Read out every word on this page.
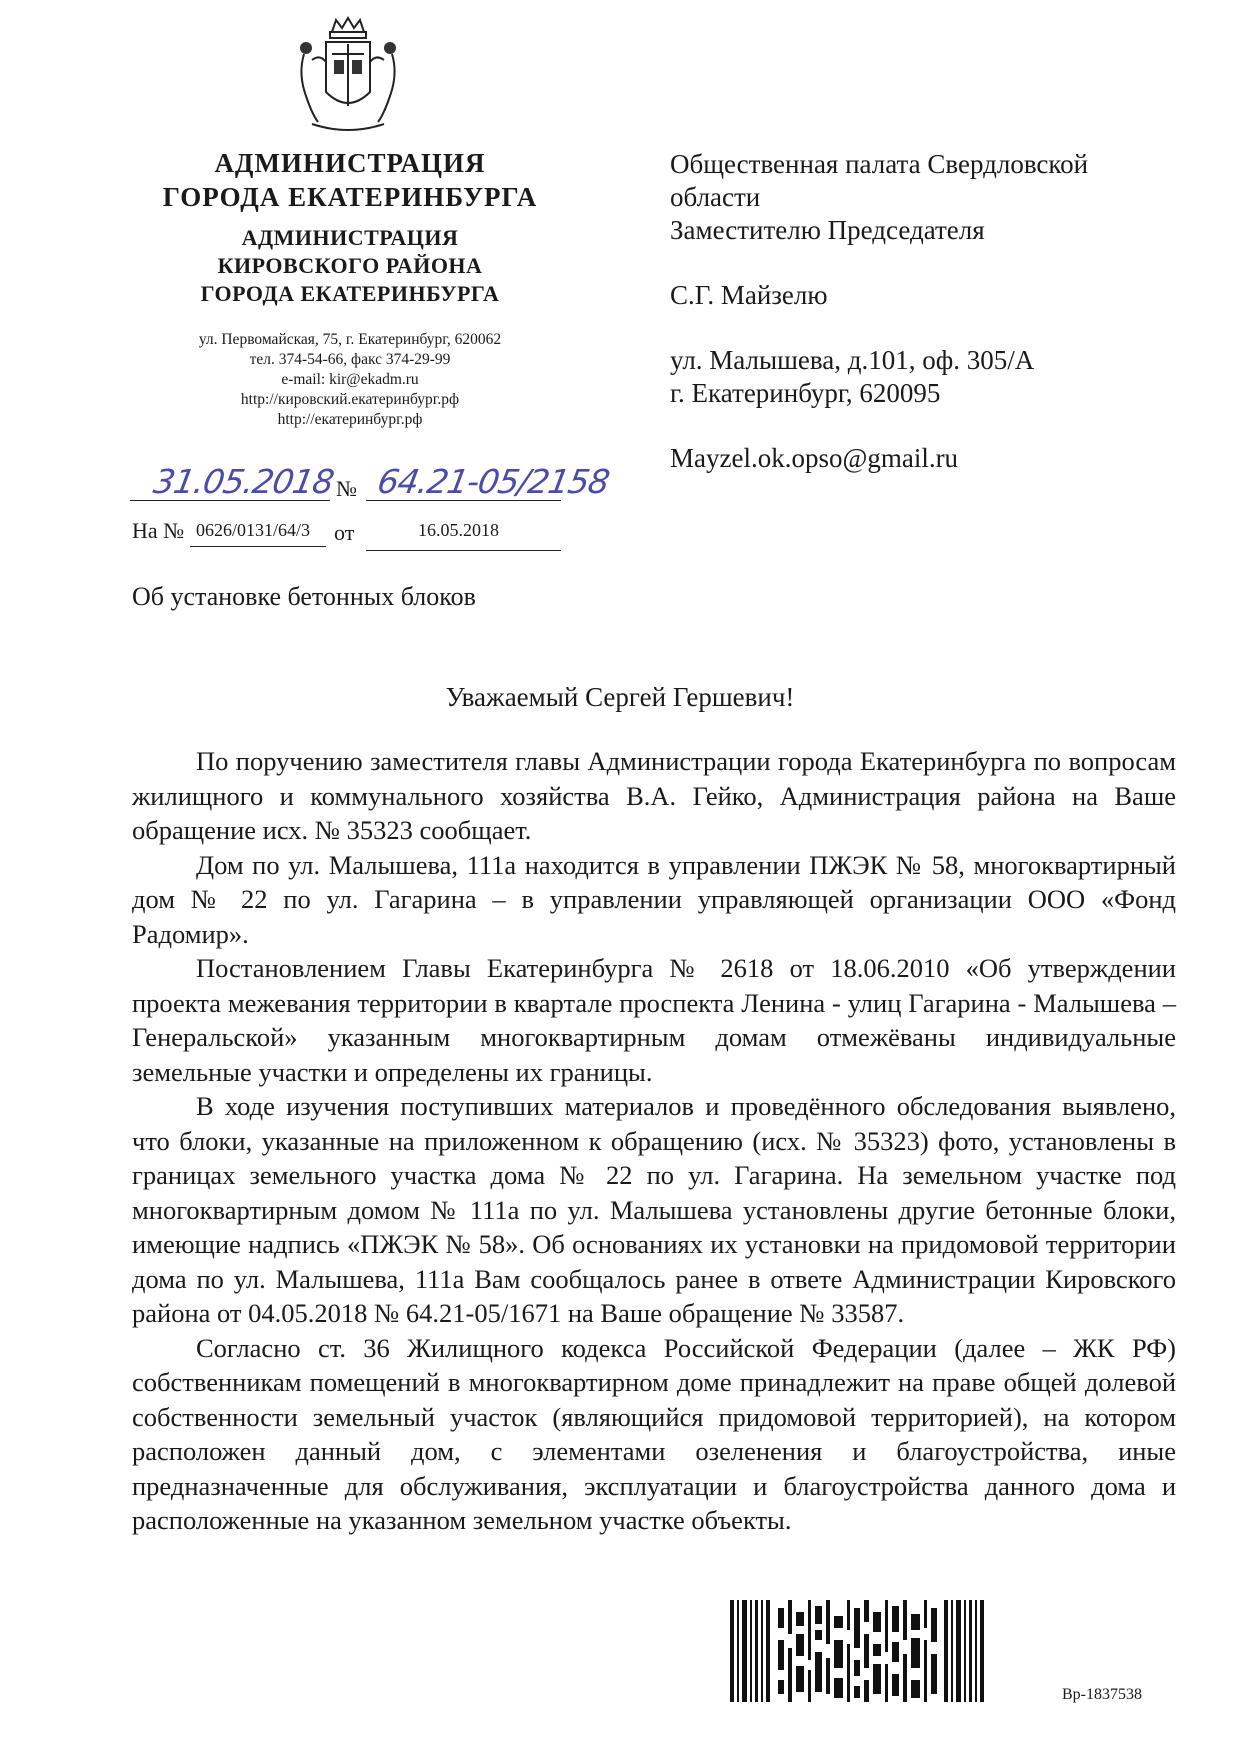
АДМИНИСТРАЦИЯ
ГОРОДА ЕКАТЕРИНБУРГА
АДМИНИСТРАЦИЯ
КИРОВСКОГО РАЙОНА
ГОРОДА ЕКАТЕРИНБУРГА
ул. Первомайская, 75, г. Екатеринбург, 620062
тел. 374-54-66, факс 374-29-99
e-mail: kir@ekadm.ru
http://кировский.екатеринбург.рф
http://екатеринбург.рф
31.05.2018 № 64.21-05/2158
На № 0626/0131/64/3 от	16.05.2018

Общественная палата Свердловской

области

Заместителю Председателя

С.Г. Майзелю

ул. Малышева, д.101, оф. 305/А

г. Екатеринбург, 620095

Mayzel.ok.opso@gmail.ru

Об установке бетонных блоков
Уважаемый Сергей Гершевич!

По поручению заместителя главы Администрации города Екатеринбурга по вопросам жилищного и коммунального хозяйства В.А. Гейко, Администрация района на Ваше обращение исх. № 35323 сообщает.

Дом по ул. Малышева, 111а находится в управлении ПЖЭК № 58, многоквартирный дом № 22 по ул. Гагарина – в управлении управляющей организации ООО «Фонд Радомир».

Постановлением Главы Екатеринбурга № 2618 от 18.06.2010 «Об утверждении проекта межевания территории в квартале проспекта Ленина - улиц Гагарина - Малышева – Генеральской» указанным многоквартирным домам отмежёваны индивидуальные земельные участки и определены их границы.

В ходе изучения поступивших материалов и проведённого обследования выявлено, что блоки, указанные на приложенном к обращению (исх. № 35323) фото, установлены в границах земельного участка дома № 22 по ул. Гагарина. На земельном участке под многоквартирным домом № 111а по ул. Малышева установлены другие бетонные блоки, имеющие надпись «ПЖЭК № 58». Об основаниях их установки на придомовой территории дома по ул. Малышева, 111а Вам сообщалось ранее в ответе Администрации Кировского района от 04.05.2018 № 64.21-05/1671 на Ваше обращение № 33587.

Согласно ст. 36 Жилищного кодекса Российской Федерации (далее – ЖК РФ) собственникам помещений в многоквартирном доме принадлежит на праве общей долевой собственности земельный участок (являющийся придомовой территорией), на котором расположен данный дом, с элементами озеленения и благоустройства, иные предназначенные для обслуживания, эксплуатации и благоустройства данного дома и расположенные на указанном земельном участке объекты.

Вр-1837538
